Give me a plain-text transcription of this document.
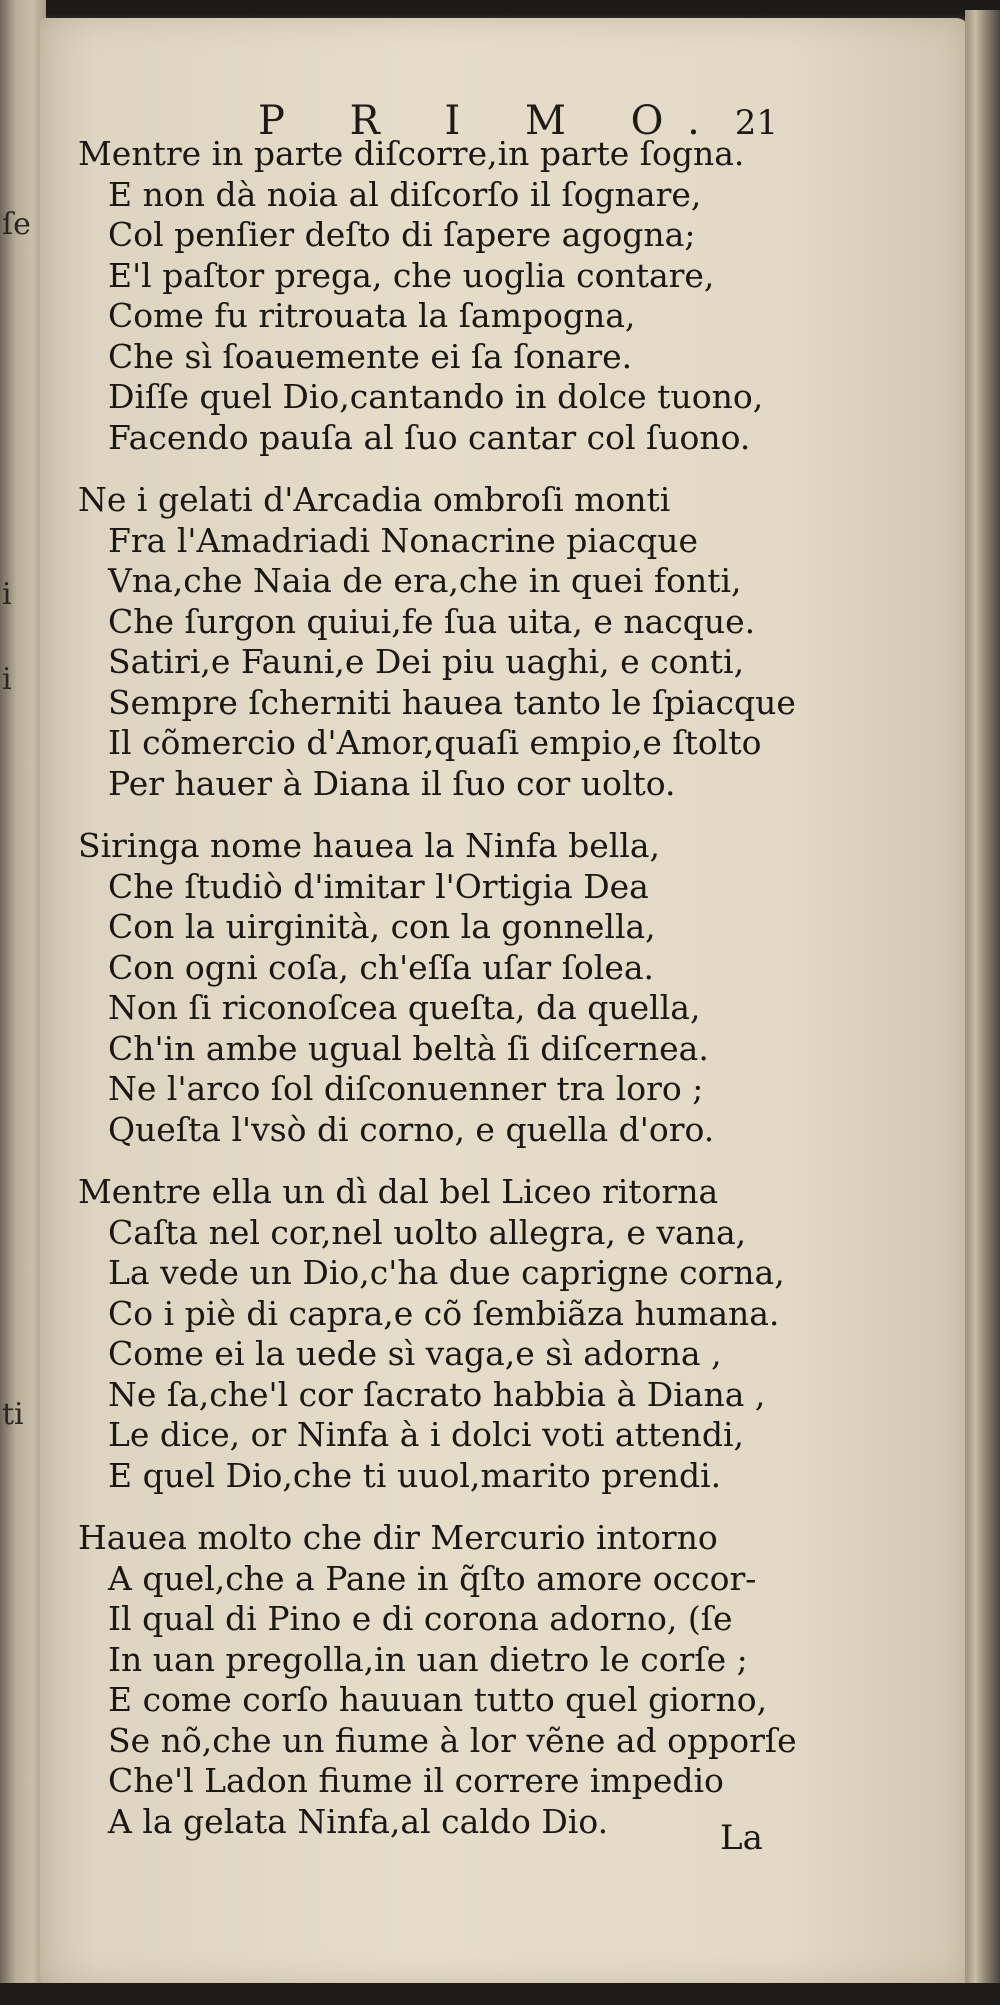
ſe
i
i
ti
P R I M O. 21
Mentre in parte diſcorre,in parte ſogna.
E non dà noia al diſcorſo il ſognare,
Col penſier deſto di ſapere agogna;
E'l paſtor prega, che uoglia contare,
Come fu ritrouata la ſampogna,
Che sì ſoauemente ei ſa ſonare.
Diſſe quel Dio,cantando in dolce tuono,
Facendo pauſa al ſuo cantar col ſuono.
Ne i gelati d'Arcadia ombroſi monti
Fra l'Amadriadi Nonacrine piacque
Vna,che Naia de era,che in quei fonti,
Che ſurgon quiui,fe ſua uita, e nacque.
Satiri,e Fauni,e Dei piu uaghi, e conti,
Sempre ſcherniti hauea tanto le ſpiacque
Il cõmercio d'Amor,quaſi empio,e ſtolto
Per hauer à Diana il ſuo cor uolto.
Siringa nome hauea la Ninfa bella,
Che ſtudiò d'imitar l'Ortigia Dea
Con la uirginità, con la gonnella,
Con ogni coſa, ch'eſſa uſar ſolea.
Non ſi riconoſcea queſta, da quella,
Ch'in ambe ugual beltà ſi diſcernea.
Ne l'arco ſol diſconuenner tra loro ;
Queſta l'vsò di corno, e quella d'oro.
Mentre ella un dì dal bel Liceo ritorna
Caſta nel cor,nel uolto allegra, e vana,
La vede un Dio,c'ha due caprigne corna,
Co i piè di capra,e cõ ſembiãza humana.
Come ei la uede sì vaga,e sì adorna ,
Ne ſa,che'l cor ſacrato habbia à Diana ,
Le dice, or Ninfa à i dolci voti attendi,
E quel Dio,che ti uuol,marito prendi.
Hauea molto che dir Mercurio intorno
A quel,che a Pane in q̃ſto amore occor-
Il qual di Pino e di corona adorno, (ſe
In uan pregolla,in uan dietro le corſe ;
E come corſo hauuan tutto quel giorno,
Se nõ,che un fiume à lor vẽne ad opporſe
Che'l Ladon fiume il correre impedio
A la gelata Ninfa,al caldo Dio.	La
